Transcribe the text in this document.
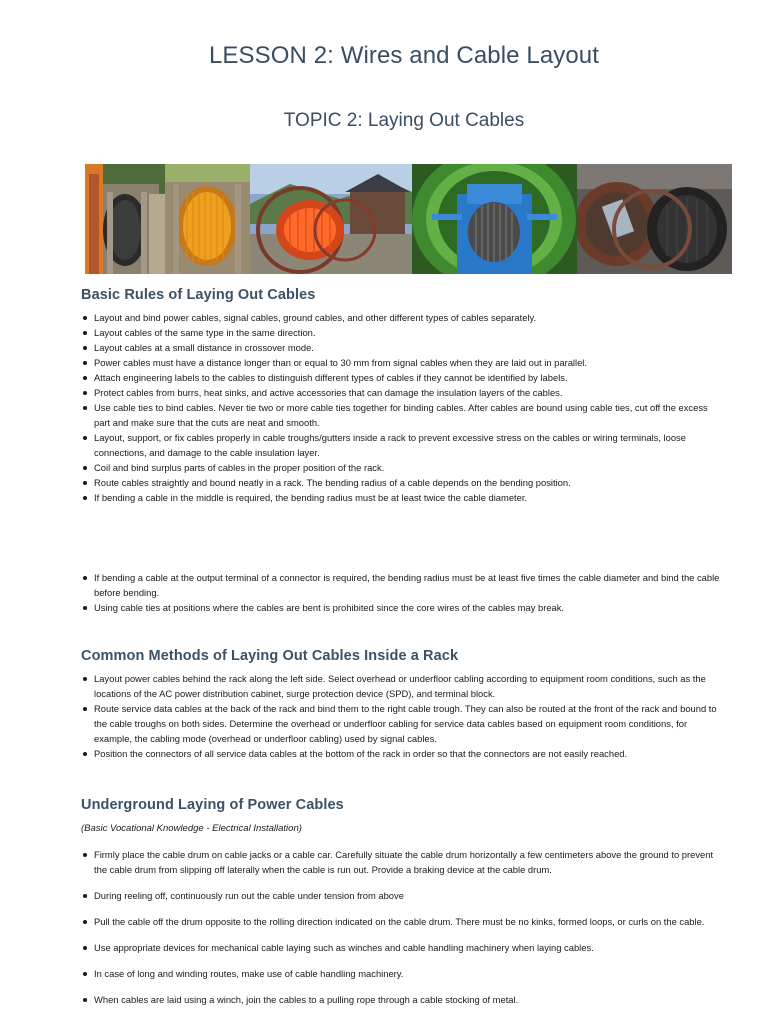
LESSON 2: Wires and Cable Layout
TOPIC 2: Laying Out Cables
Basic Rules of Laying Out Cables
Layout and bind power cables, signal cables, ground cables, and other different types of cables separately.
Layout cables of the same type in the same direction.
Layout cables at a small distance in crossover mode.
Power cables must have a distance longer than or equal to 30 mm from signal cables when they are laid out in parallel.
Attach engineering labels to the cables to distinguish different types of cables if they cannot be identified by labels.
Protect cables from burrs, heat sinks, and active accessories that can damage the insulation layers of the cables.
Use cable ties to bind cables. Never tie two or more cable ties together for binding cables. After cables are bound using cable ties, cut off the excess part and make sure that the cuts are neat and smooth.
Layout, support, or fix cables properly in cable troughs/gutters inside a rack to prevent excessive stress on the cables or wiring terminals, loose connections, and damage to the cable insulation layer.
Coil and bind surplus parts of cables in the proper position of the rack.
Route cables straightly and bound neatly in a rack. The bending radius of a cable depends on the bending position.
If bending a cable in the middle is required, the bending radius must be at least twice the cable diameter.
If bending a cable at the output terminal of a connector is required, the bending radius must be at least five times the cable diameter and bind the cable before bending.
Using cable ties at positions where the cables are bent is prohibited since the core wires of the cables may break.
Common Methods of Laying Out Cables Inside a Rack
Layout power cables behind the rack along the left side. Select overhead or underfloor cabling according to equipment room conditions, such as the locations of the AC power distribution cabinet, surge protection device (SPD), and terminal block.
Route service data cables at the back of the rack and bind them to the right cable trough. They can also be routed at the front of the rack and bound to the cable troughs on both sides. Determine the overhead or underfloor cabling for service data cables based on equipment room conditions, for example, the cabling mode (overhead or underfloor cabling) used by signal cables.
Position the connectors of all service data cables at the bottom of the rack in order so that the connectors are not easily reached.
Underground Laying of Power Cables

(Basic Vocational Knowledge - Electrical Installation)

Firmly place the cable drum on cable jacks or a cable car. Carefully situate the cable drum horizontally a few centimeters above the ground to prevent the cable drum from slipping off laterally when the cable is run out. Provide a braking device at the cable drum.
During reeling off, continuously run out the cable under tension from above
Pull the cable off the drum opposite to the rolling direction indicated on the cable drum. There must be no kinks, formed loops, or curls on the cable.
Use appropriate devices for mechanical cable laying such as winches and cable handling machinery when laying cables.
In case of long and winding routes, make use of cable handling machinery.
When cables are laid using a winch, join the cables to a pulling rope through a cable stocking of metal.
